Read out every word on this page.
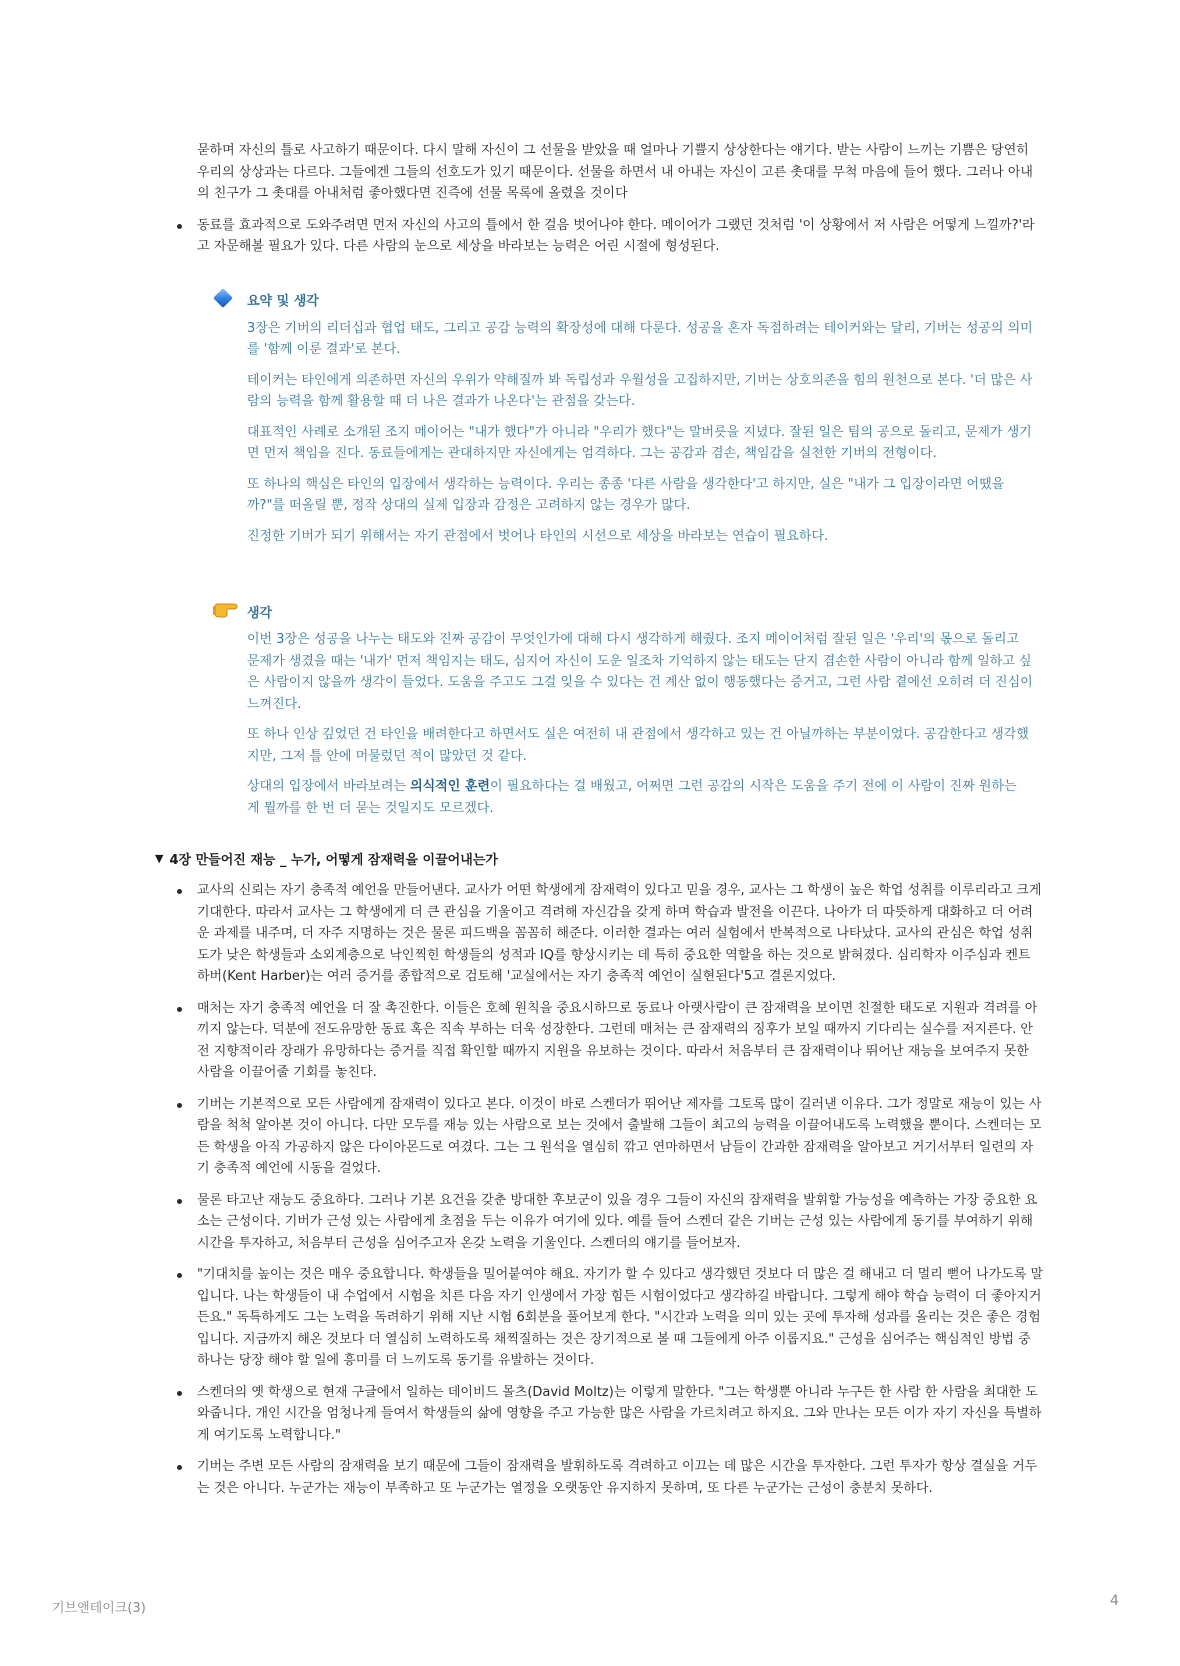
묻하며 자신의 틀로 사고하기 때문이다. 다시 말해 자신이 그 선물을 받았을 때 얼마나 기쁠지 상상한다는 얘기다. 받는 사람이 느끼는 기쁨은 당연히 우리의 상상과는 다르다. 그들에겐 그들의 선호도가 있기 때문이다. 선물을 하면서 내 아내는 자신이 고른 촛대를 무척 마음에 들어 했다. 그러나 아내의 친구가 그 촛대를 아내처럼 좋아했다면 진즉에 선물 목록에 올렸을 것이다

동료를 효과적으로 도와주려면 먼저 자신의 사고의 틀에서 한 걸음 벗어나야 한다. 메이어가 그랬던 것처럼 '이 상황에서 저 사람은 어떻게 느낄까?'라고 자문해볼 필요가 있다. 다른 사람의 눈으로 세상을 바라보는 능력은 어린 시절에 형성된다.
요약 및 생각

3장은 기버의 리더십과 협업 태도, 그리고 공감 능력의 확장성에 대해 다룬다. 성공을 혼자 독점하려는 테이커와는 달리, 기버는 성공의 의미를 '함께 이룬 결과'로 본다.

테이커는 타인에게 의존하면 자신의 우위가 약해질까 봐 독립성과 우월성을 고집하지만, 기버는 상호의존을 힘의 원천으로 본다. '더 많은 사람의 능력을 함께 활용할 때 더 나은 결과가 나온다'는 관점을 갖는다.

대표적인 사례로 소개된 조지 메이어는 "내가 했다"가 아니라 "우리가 했다"는 말버릇을 지녔다. 잘된 일은 팀의 공으로 돌리고, 문제가 생기면 먼저 책임을 진다. 동료들에게는 관대하지만 자신에게는 엄격하다. 그는 공감과 겸손, 책임감을 실천한 기버의 전형이다.

또 하나의 핵심은 타인의 입장에서 생각하는 능력이다. 우리는 종종 '다른 사람을 생각한다'고 하지만, 실은 "내가 그 입장이라면 어땠을까?"를 떠올릴 뿐, 정작 상대의 실제 입장과 감정은 고려하지 않는 경우가 많다.

진정한 기버가 되기 위해서는 자기 관점에서 벗어나 타인의 시선으로 세상을 바라보는 연습이 필요하다.

생각

이번 3장은 성공을 나누는 태도와 진짜 공감이 무엇인가에 대해 다시 생각하게 해줬다. 조지 메이어처럼 잘된 일은 '우리'의 몫으로 돌리고 문제가 생겼을 때는 '내가' 먼저 책임지는 태도, 심지어 자신이 도운 일조차 기억하지 않는 태도는 단지 겸손한 사람이 아니라 함께 일하고 싶은 사람이지 않을까 생각이 들었다. 도움을 주고도 그걸 잊을 수 있다는 건 계산 없이 행동했다는 증거고, 그런 사람 곁에선 오히려 더 진심이 느껴진다.

또 하나 인상 깊었던 건 타인을 배려한다고 하면서도 실은 여전히 내 관점에서 생각하고 있는 건 아닐까하는 부분이었다. 공감한다고 생각했지만, 그저 틀 안에 머물렀던 적이 많았던 것 같다.

상대의 입장에서 바라보려는 의식적인 훈련이 필요하다는 걸 배웠고, 어쩌면 그런 공감의 시작은 도움을 주기 전에 이 사람이 진짜 원하는 게 뭘까를 한 번 더 묻는 것일지도 모르겠다.

▼ 4장 만들어진 재능 _ 누가, 어떻게 잠재력을 이끌어내는가
교사의 신뢰는 자기 충족적 예언을 만들어낸다. 교사가 어떤 학생에게 잠재력이 있다고 믿을 경우, 교사는 그 학생이 높은 학업 성취를 이루리라고 크게 기대한다. 따라서 교사는 그 학생에게 더 큰 관심을 기울이고 격려해 자신감을 갖게 하며 학습과 발전을 이끈다. 나아가 더 따뜻하게 대화하고 더 어려운 과제를 내주며, 더 자주 지명하는 것은 물론 피드백을 꼼꼼히 해준다. 이러한 결과는 여러 실험에서 반복적으로 나타났다. 교사의 관심은 학업 성취도가 낮은 학생들과 소외계층으로 낙인찍힌 학생들의 성적과 IQ를 향상시키는 데 특히 중요한 역할을 하는 것으로 밝혀졌다. 심리학자 이주심과 켄트 하버(Kent Harber)는 여러 증거를 종합적으로 검토해 '교실에서는 자기 충족적 예언이 실현된다'5고 결론지었다.
매처는 자기 충족적 예언을 더 잘 촉진한다. 이들은 호혜 원칙을 중요시하므로 동료나 아랫사람이 큰 잠재력을 보이면 친절한 태도로 지원과 격려를 아끼지 않는다. 덕분에 전도유망한 동료 혹은 직속 부하는 더욱 성장한다. 그런데 매처는 큰 잠재력의 징후가 보일 때까지 기다리는 실수를 저지른다. 안전 지향적이라 장래가 유망하다는 증거를 직접 확인할 때까지 지원을 유보하는 것이다. 따라서 처음부터 큰 잠재력이나 뛰어난 재능을 보여주지 못한 사람을 이끌어줄 기회를 놓친다.
기버는 기본적으로 모든 사람에게 잠재력이 있다고 본다. 이것이 바로 스켄더가 뛰어난 제자를 그토록 많이 길러낸 이유다. 그가 정말로 재능이 있는 사람을 척척 알아본 것이 아니다. 다만 모두를 재능 있는 사람으로 보는 것에서 출발해 그들이 최고의 능력을 이끌어내도록 노력했을 뿐이다. 스켄더는 모든 학생을 아직 가공하지 않은 다이아몬드로 여겼다. 그는 그 원석을 열심히 깎고 연마하면서 남들이 간과한 잠재력을 알아보고 거기서부터 일련의 자기 충족적 예언에 시동을 걸었다.
물론 타고난 재능도 중요하다. 그러나 기본 요건을 갖춘 방대한 후보군이 있을 경우 그들이 자신의 잠재력을 발휘할 가능성을 예측하는 가장 중요한 요소는 근성이다. 기버가 근성 있는 사람에게 초점을 두는 이유가 여기에 있다. 예를 들어 스켄더 같은 기버는 근성 있는 사람에게 동기를 부여하기 위해 시간을 투자하고, 처음부터 근성을 심어주고자 온갖 노력을 기울인다. 스켄더의 얘기를 들어보자.
"기대치를 높이는 것은 매우 중요합니다. 학생들을 밀어붙여야 해요. 자기가 할 수 있다고 생각했던 것보다 더 많은 걸 해내고 더 멀리 뻗어 나가도록 말입니다. 나는 학생들이 내 수업에서 시험을 치른 다음 자기 인생에서 가장 힘든 시험이었다고 생각하길 바랍니다. 그렇게 해야 학습 능력이 더 좋아지거든요." 독특하게도 그는 노력을 독려하기 위해 지난 시험 6회분을 풀어보게 한다. "시간과 노력을 의미 있는 곳에 투자해 성과를 올리는 것은 좋은 경험입니다. 지금까지 해온 것보다 더 열심히 노력하도록 채찍질하는 것은 장기적으로 볼 때 그들에게 아주 이롭지요." 근성을 심어주는 핵심적인 방법 중 하나는 당장 해야 할 일에 흥미를 더 느끼도록 동기를 유발하는 것이다.
스켄더의 옛 학생으로 현재 구글에서 일하는 데이비드 몰츠(David Moltz)는 이렇게 말한다. "그는 학생뿐 아니라 누구든 한 사람 한 사람을 최대한 도와줍니다. 개인 시간을 엄청나게 들여서 학생들의 삶에 영향을 주고 가능한 많은 사람을 가르치려고 하지요. 그와 만나는 모든 이가 자기 자신을 특별하게 여기도록 노력합니다."
기버는 주변 모든 사람의 잠재력을 보기 때문에 그들이 잠재력을 발휘하도록 격려하고 이끄는 데 많은 시간을 투자한다. 그런 투자가 항상 결실을 거두는 것은 아니다. 누군가는 재능이 부족하고 또 누군가는 열정을 오랫동안 유지하지 못하며, 또 다른 누군가는 근성이 충분치 못하다.
기브앤테이크(3)	4
